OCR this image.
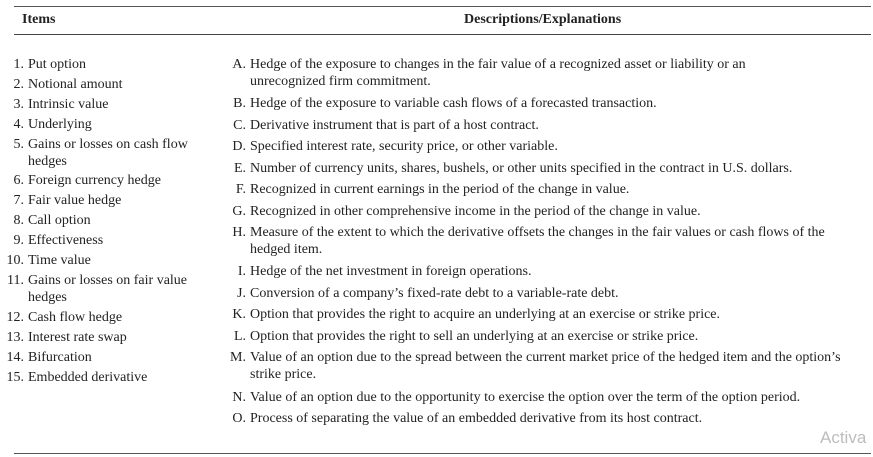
Items	Descriptions/Explanations
1. Put option
2. Notional amount
3. Intrinsic value
4. Underlying
5. Gains or losses on cash flow hedges
6. Foreign currency hedge
7. Fair value hedge
8. Call option
9. Effectiveness
10. Time value
11. Gains or losses on fair value hedges
12. Cash flow hedge
13. Interest rate swap
14. Bifurcation
15. Embedded derivative
A. Hedge of the exposure to changes in the fair value of a recognized asset or liability or an unrecognized firm commitment.
B. Hedge of the exposure to variable cash flows of a forecasted transaction.
C. Derivative instrument that is part of a host contract.
D. Specified interest rate, security price, or other variable.
E. Number of currency units, shares, bushels, or other units specified in the contract in U.S. dollars.
F. Recognized in current earnings in the period of the change in value.
G. Recognized in other comprehensive income in the period of the change in value.
H. Measure of the extent to which the derivative offsets the changes in the fair values or cash flows of the hedged item.
I. Hedge of the net investment in foreign operations.
J. Conversion of a company’s fixed-rate debt to a variable-rate debt.
K. Option that provides the right to acquire an underlying at an exercise or strike price.
L. Option that provides the right to sell an underlying at an exercise or strike price.
M. Value of an option due to the spread between the current market price of the hedged item and the option’s strike price.
N. Value of an option due to the opportunity to exercise the option over the term of the option period.
O. Process of separating the value of an embedded derivative from its host contract.
Activa
